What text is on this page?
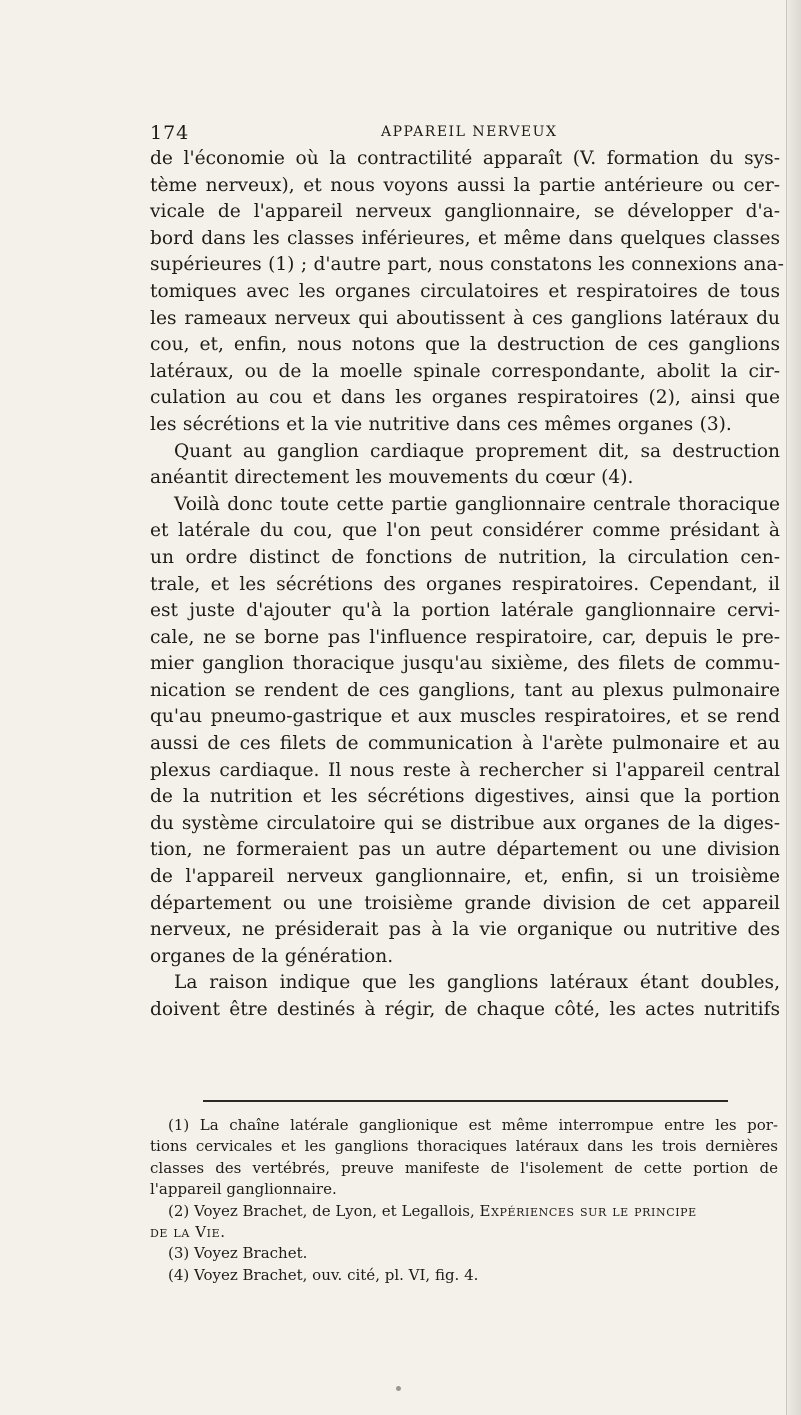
174	APPAREIL NERVEUX
de l'économie où la contractilité apparaît (V. formation du sys-
tème nerveux), et nous voyons aussi la partie antérieure ou cer-
vicale de l'appareil nerveux ganglionnaire, se développer d'a-
bord dans les classes inférieures, et même dans quelques classes
supérieures (1) ; d'autre part, nous constatons les connexions ana-
tomiques avec les organes circulatoires et respiratoires de tous
les rameaux nerveux qui aboutissent à ces ganglions latéraux du
cou, et, enfin, nous notons que la destruction de ces ganglions
latéraux, ou de la moelle spinale correspondante, abolit la cir-
culation au cou et dans les organes respiratoires (2), ainsi que
les sécrétions et la vie nutritive dans ces mêmes organes (3).
Quant au ganglion cardiaque proprement dit, sa destruction
anéantit directement les mouvements du cœur (4).
Voilà donc toute cette partie ganglionnaire centrale thoracique
et latérale du cou, que l'on peut considérer comme présidant à
un ordre distinct de fonctions de nutrition, la circulation cen-
trale, et les sécrétions des organes respiratoires. Cependant, il
est juste d'ajouter qu'à la portion latérale ganglionnaire cervi-
cale, ne se borne pas l'influence respiratoire, car, depuis le pre-
mier ganglion thoracique jusqu'au sixième, des filets de commu-
nication se rendent de ces ganglions, tant au plexus pulmonaire
qu'au pneumo-gastrique et aux muscles respiratoires, et se rend
aussi de ces filets de communication à l'arète pulmonaire et au
plexus cardiaque. Il nous reste à rechercher si l'appareil central
de la nutrition et les sécrétions digestives, ainsi que la portion
du système circulatoire qui se distribue aux organes de la diges-
tion, ne formeraient pas un autre département ou une division
de l'appareil nerveux ganglionnaire, et, enfin, si un troisième
département ou une troisième grande division de cet appareil
nerveux, ne présiderait pas à la vie organique ou nutritive des
organes de la génération.
La raison indique que les ganglions latéraux étant doubles,
doivent être destinés à régir, de chaque côté, les actes nutritifs
(1) La chaîne latérale ganglionique est même interrompue entre les por-
tions cervicales et les ganglions thoraciques latéraux dans les trois dernières
classes des vertébrés, preuve manifeste de l'isolement de cette portion de
l'appareil ganglionnaire.
(2) Voyez Brachet, de Lyon, et Legallois, Expériences sur le principe
de la Vie.
(3) Voyez Brachet.
(4) Voyez Brachet, ouv. cité, pl. VI, fig. 4.
